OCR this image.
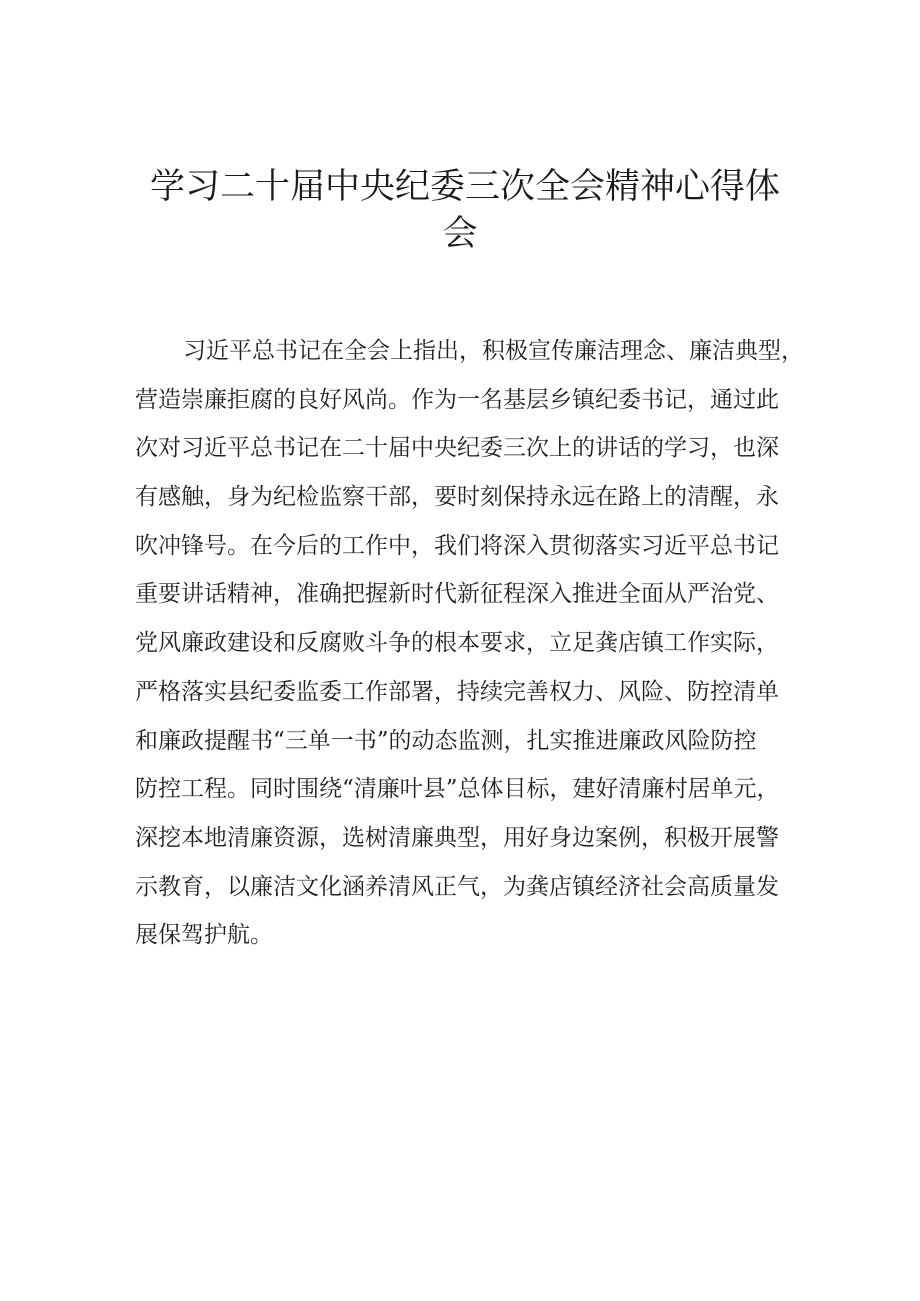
学习二十届中央纪委三次全会精神心得体
会
习近平总书记在全会上指出，积极宣传廉洁理念、廉洁典型，
营造崇廉拒腐的良好风尚。作为一名基层乡镇纪委书记，通过此
次对习近平总书记在二十届中央纪委三次上的讲话的学习，也深
有感触，身为纪检监察干部，要时刻保持永远在路上的清醒，永
吹冲锋号。在今后的工作中，我们将深入贯彻落实习近平总书记
重要讲话精神，准确把握新时代新征程深入推进全面从严治党、
党风廉政建设和反腐败斗争的根本要求，立足龚店镇工作实际，
严格落实县纪委监委工作部署，持续完善权力、风险、防控清单
和廉政提醒书“三单一书”的动态监测，扎实推进廉政风险防控
防控工程。同时围绕“清廉叶县”总体目标，建好清廉村居单元，
深挖本地清廉资源，选树清廉典型，用好身边案例，积极开展警
示教育，以廉洁文化涵养清风正气，为龚店镇经济社会高质量发
展保驾护航。
